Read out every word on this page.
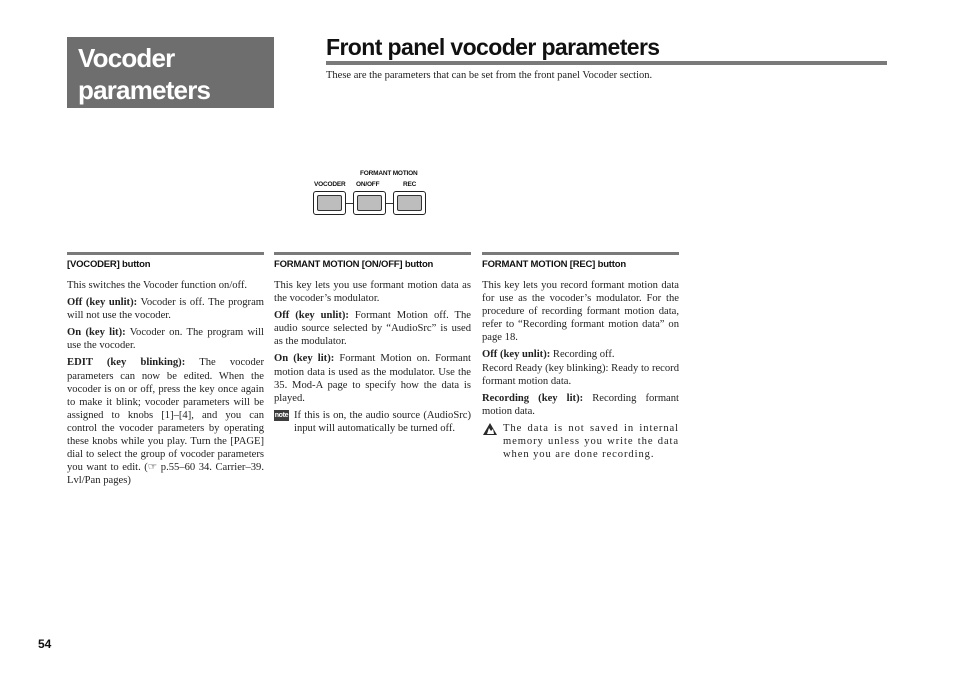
Vocoder
parameters
Front panel vocoder parameters
These are the parameters that can be set from the front panel Vocoder section.
FORMANT MOTION
VOCODER ON/OFF	REC
[VOCODER] button

This switches the Vocoder function on/off.

Off (key unlit): Vocoder is off. The program will not use the vocoder.

On (key lit): Vocoder on. The program will use the vocoder.

EDIT (key blinking): The vocoder parameters can now be edited. When the vocoder is on or off, press the key once again to make it blink; vocoder parameters will be assigned to knobs [1]–[4], and you can control the vocoder parameters by operating these knobs while you play. Turn the [PAGE] dial to select the group of vocoder parameters you want to edit. (☞ p.55–60 34. Carrier–39. Lvl/Pan pages)

FORMANT MOTION [ON/OFF] button

This key lets you use formant motion data as the vocoder’s modulator.

Off (key unlit): Formant Motion off. The audio source selected by “AudioSrc” is used as the modulator.

On (key lit): Formant Motion on. Formant motion data is used as the modulator. Use the 35. Mod-A page to specify how the data is played.

note If this is on, the audio source (AudioSrc) input will automatically be turned off.
FORMANT MOTION [REC] button

This key lets you record formant motion data for use as the vocoder’s modulator. For the procedure of recording formant motion data, refer to “Recording formant motion data” on page 18.

Off (key unlit): Recording off.

Record Ready (key blinking): Ready to record formant motion data.

Recording (key lit): Recording formant motion data.

The data is not saved in internal memory unless you write the data when you are done recording.
54
